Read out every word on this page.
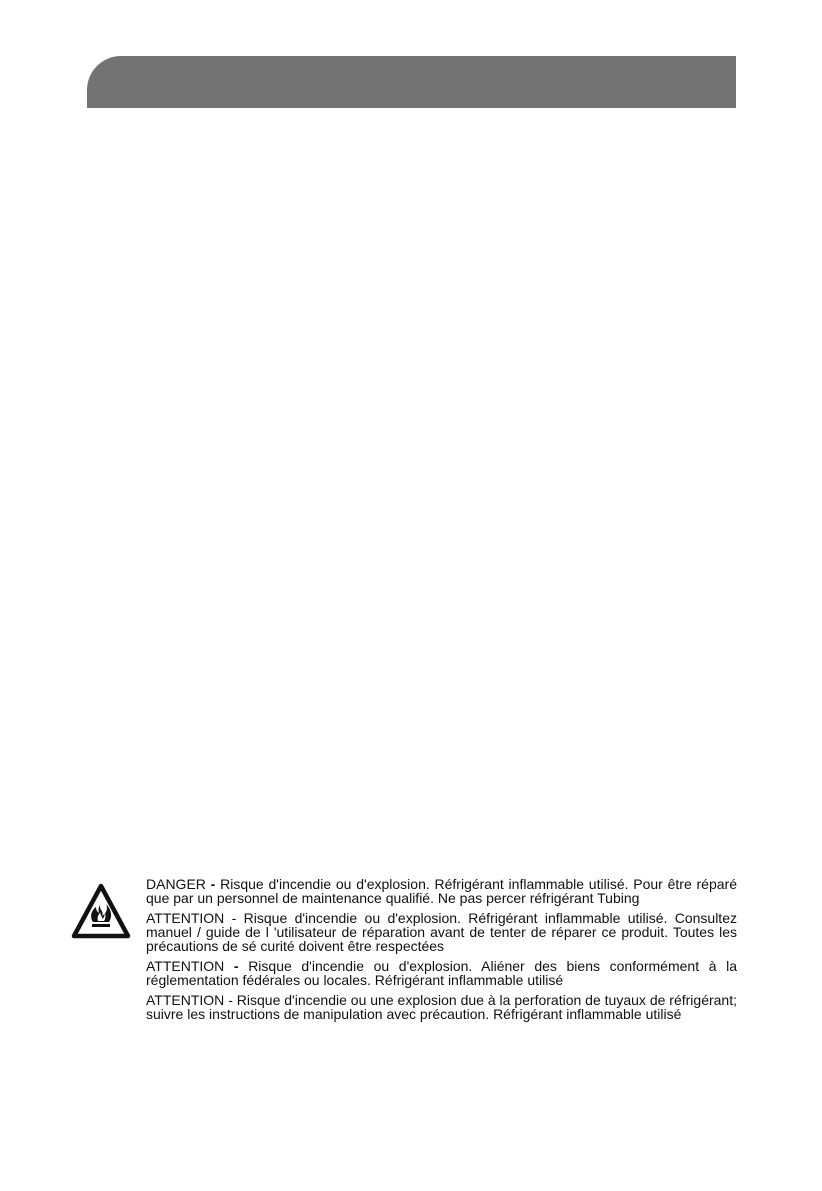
DANGER - Risque d'incendie ou d'explosion. Réfrigérant inflammable utilisé. Pour être réparé que par un personnel de maintenance qualifié. Ne pas percer réfrigérant Tubing

ATTENTION - Risque d'incendie ou d'explosion. Réfrigérant inflammable utilisé. Consultez manuel / guide de l 'utilisateur de réparation avant de tenter de réparer ce produit. Toutes les précautions de sé curité doivent être respectées

ATTENTION - Risque d'incendie ou d'explosion. Aliéner des biens conformément à la réglementation fédérales ou locales. Réfrigérant inflammable utilisé

ATTENTION - Risque d'incendie ou une explosion due à la perforation de tuyaux de réfrigérant; suivre les instructions de manipulation avec précaution. Réfrigérant inflammable utilisé
